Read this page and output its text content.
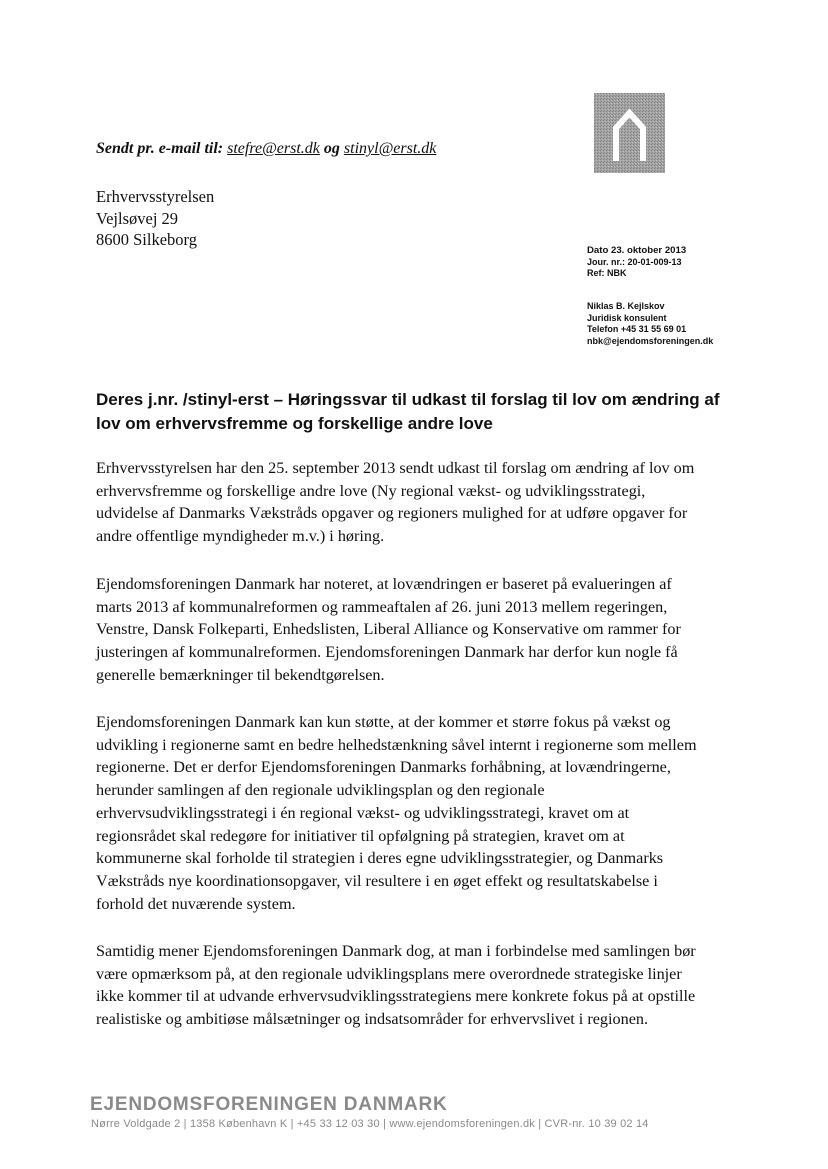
Sendt pr. e-mail til: stefre@erst.dk og stinyl@erst.dk
Erhvervsstyrelsen
Vejlsøvej 29
8600 Silkeborg
Dato 23. oktober 2013
Jour. nr.: 20-01-009-13
Ref: NBK
Niklas B. Kejlskov
Juridisk konsulent
Telefon +45 31 55 69 01
nbk@ejendomsforeningen.dk
Deres j.nr. /stinyl-erst – Høringssvar til udkast til forslag til lov om ændring af
lov om erhvervsfremme og forskellige andre love
Erhvervsstyrelsen har den 25. september 2013 sendt udkast til forslag om ændring af lov om
erhvervsfremme og forskellige andre love (Ny regional vækst- og udviklingsstrategi,
udvidelse af Danmarks Vækstråds opgaver og regioners mulighed for at udføre opgaver for
andre offentlige myndigheder m.v.) i høring.
Ejendomsforeningen Danmark har noteret, at lovændringen er baseret på evalueringen af
marts 2013 af kommunalreformen og rammeaftalen af 26. juni 2013 mellem regeringen,
Venstre, Dansk Folkeparti, Enhedslisten, Liberal Alliance og Konservative om rammer for
justeringen af kommunalreformen. Ejendomsforeningen Danmark har derfor kun nogle få
generelle bemærkninger til bekendtgørelsen.
Ejendomsforeningen Danmark kan kun støtte, at der kommer et større fokus på vækst og
udvikling i regionerne samt en bedre helhedstænkning såvel internt i regionerne som mellem
regionerne. Det er derfor Ejendomsforeningen Danmarks forhåbning, at lovændringerne,
herunder samlingen af den regionale udviklingsplan og den regionale
erhvervsudviklingsstrategi i én regional vækst- og udviklingsstrategi, kravet om at
regionsrådet skal redegøre for initiativer til opfølgning på strategien, kravet om at
kommunerne skal forholde til strategien i deres egne udviklingsstrategier, og Danmarks
Vækstråds nye koordinationsopgaver, vil resultere i en øget effekt og resultatskabelse i
forhold det nuværende system.
Samtidig mener Ejendomsforeningen Danmark dog, at man i forbindelse med samlingen bør
være opmærksom på, at den regionale udviklingsplans mere overordnede strategiske linjer
ikke kommer til at udvande erhvervsudviklingsstrategiens mere konkrete fokus på at opstille
realistiske og ambitiøse målsætninger og indsatsområder for erhvervslivet i regionen.
EJENDOMSFORENINGEN DANMARK
Nørre Voldgade 2 | 1358 København K | +45 33 12 03 30 | www.ejendomsforeningen.dk | CVR-nr. 10 39 02 14
